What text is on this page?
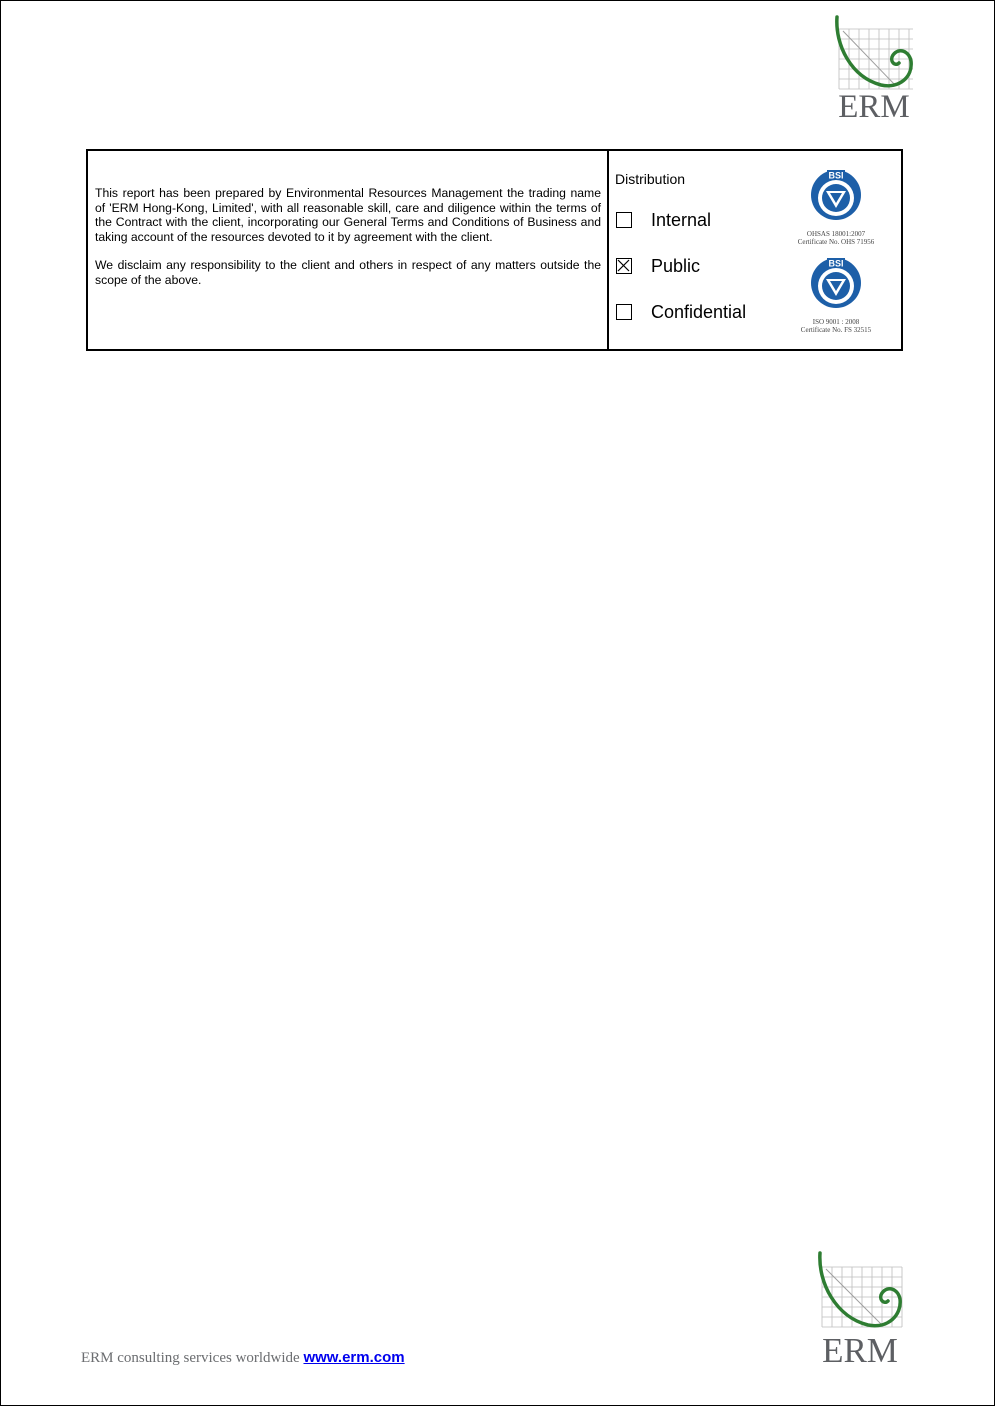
ERM

This report has been prepared by Environmental Resources Management the trading name of 'ERM Hong-Kong, Limited', with all reasonable skill, care and diligence within the terms of the Contract with the client, incorporating our General Terms and Conditions of Business and taking account of the resources devoted to it by agreement with the client.

We disclaim any responsibility to the client and others in respect of any matters outside the scope of the above.

Distribution
Internal
Public
Confidential
BSI
OHSAS 18001:2007
Certificate No. OHS 71956
BSI
ISO 9001 : 2008
Certificate No. FS 32515
ERM
ERM consulting services worldwide www.erm.com
